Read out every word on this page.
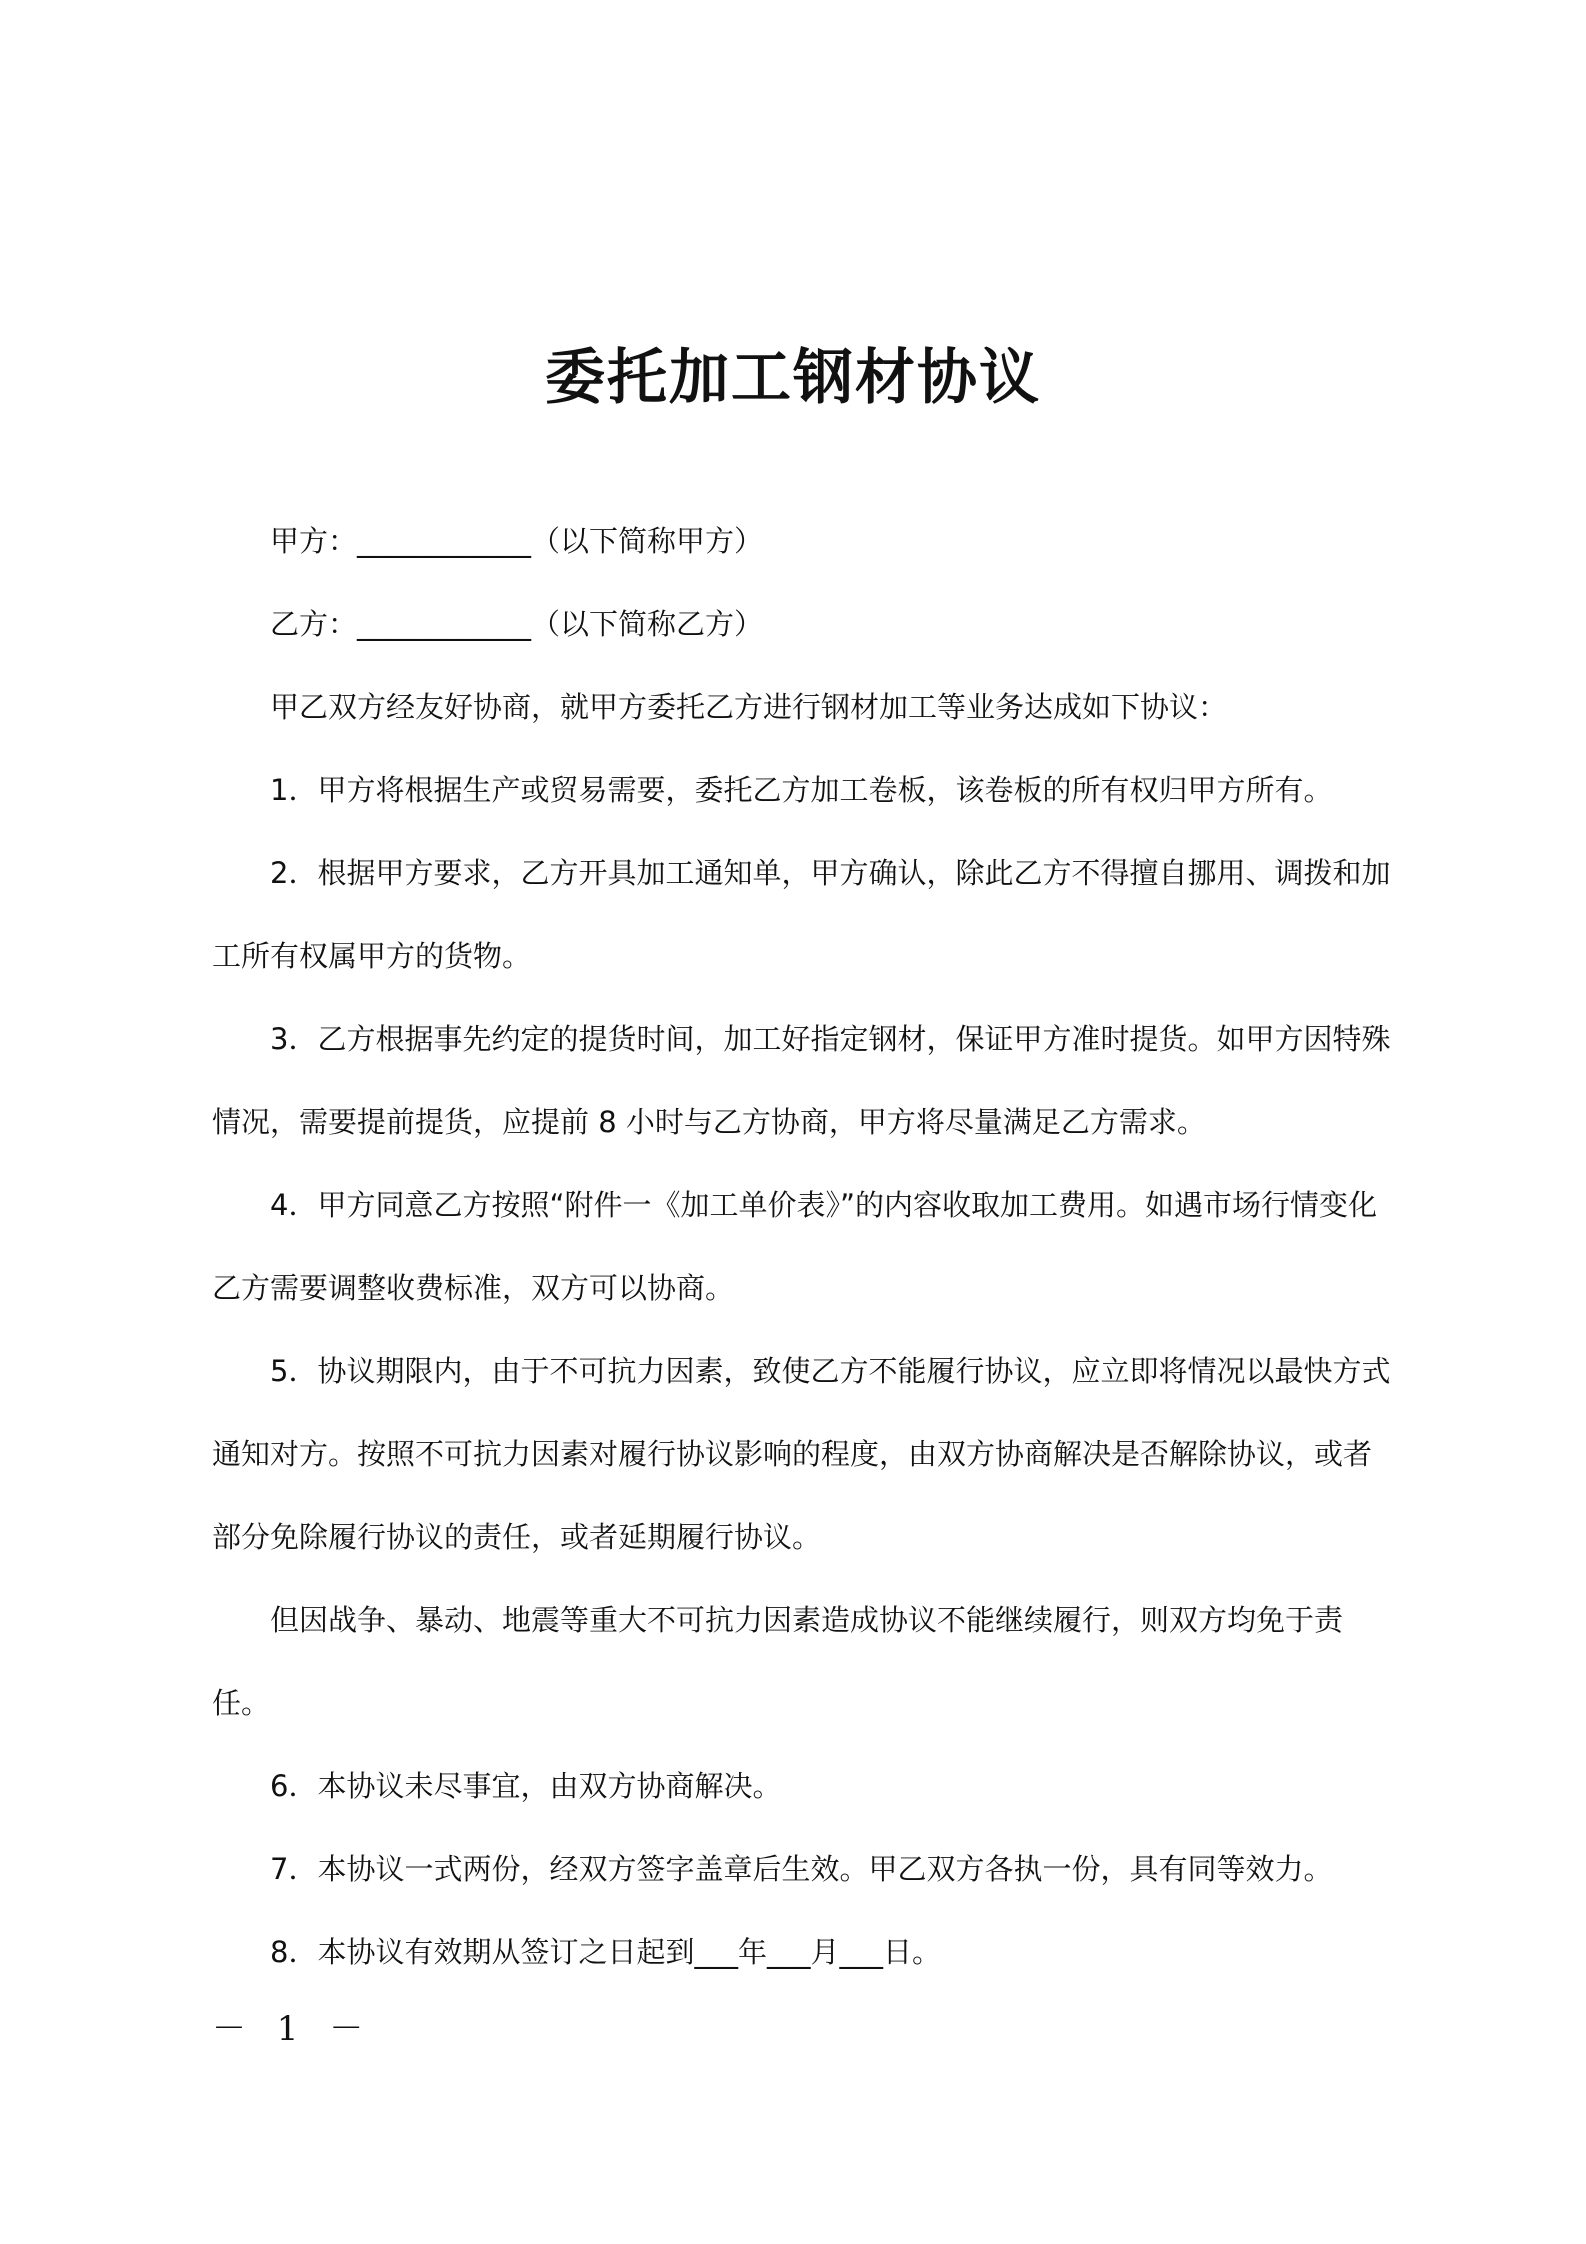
委托加工钢材协议

甲方：____________（以下简称甲方）

乙方：____________（以下简称乙方）

甲乙双方经友好协商，就甲方委托乙方进行钢材加工等业务达成如下协议：

1．甲方将根据生产或贸易需要，委托乙方加工卷板，该卷板的所有权归甲方所有。

2．根据甲方要求，乙方开具加工通知单，甲方确认，除此乙方不得擅自挪用、调拨和加工所有权属甲方的货物。

3．乙方根据事先约定的提货时间，加工好指定钢材，保证甲方准时提货。如甲方因特殊情况，需要提前提货，应提前 8 小时与乙方协商，甲方将尽量满足乙方需求。

4．甲方同意乙方按照“附件一《加工单价表》”的内容收取加工费用。如遇市场行情变化乙方需要调整收费标准，双方可以协商。

5．协议期限内，由于不可抗力因素，致使乙方不能履行协议，应立即将情况以最快方式通知对方。按照不可抗力因素对履行协议影响的程度，由双方协商解决是否解除协议，或者部分免除履行协议的责任，或者延期履行协议。

但因战争、暴动、地震等重大不可抗力因素造成协议不能继续履行，则双方均免于责任。

6．本协议未尽事宜，由双方协商解决。

7．本协议一式两份，经双方签字盖章后生效。甲乙双方各执一份，具有同等效力。

8．本协议有效期从签订之日起到___年___月___日。

－ 1 －
